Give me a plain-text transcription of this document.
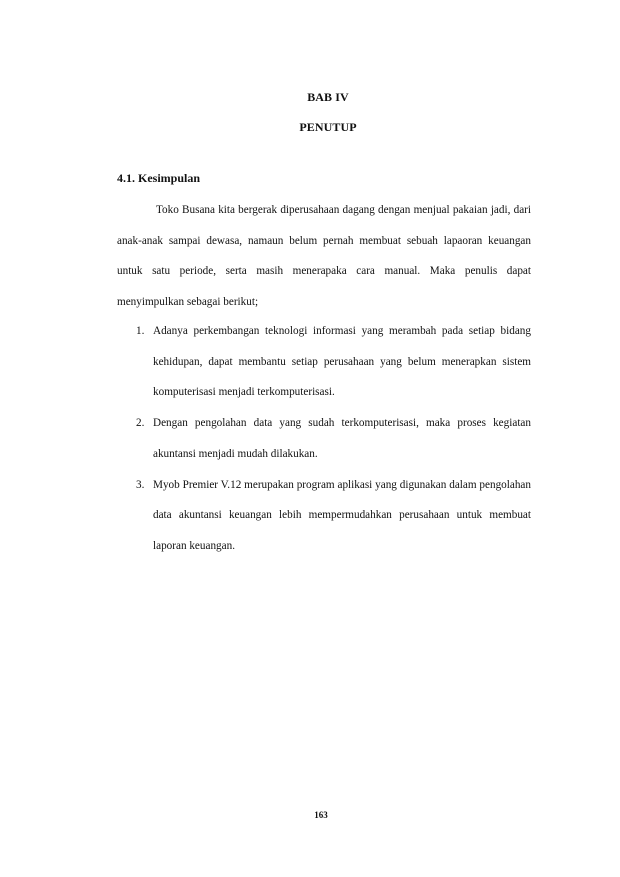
BAB IV
PENUTUP
4.1. Kesimpulan

Toko Busana kita bergerak diperusahaan dagang dengan menjual pakaian jadi, dari anak-anak sampai dewasa, namaun belum pernah membuat sebuah lapaoran keuangan untuk satu periode, serta masih menerapaka cara manual. Maka penulis dapat menyimpulkan sebagai berikut;

1. Adanya perkembangan teknologi informasi yang merambah pada setiap bidang kehidupan, dapat membantu setiap perusahaan yang belum menerapkan sistem komputerisasi menjadi terkomputerisasi.
2. Dengan pengolahan data yang sudah terkomputerisasi, maka proses kegiatan akuntansi menjadi mudah dilakukan.
3. Myob Premier V.12 merupakan program aplikasi yang digunakan dalam pengolahan data akuntansi keuangan lebih mempermudahkan perusahaan untuk membuat laporan keuangan.
163
